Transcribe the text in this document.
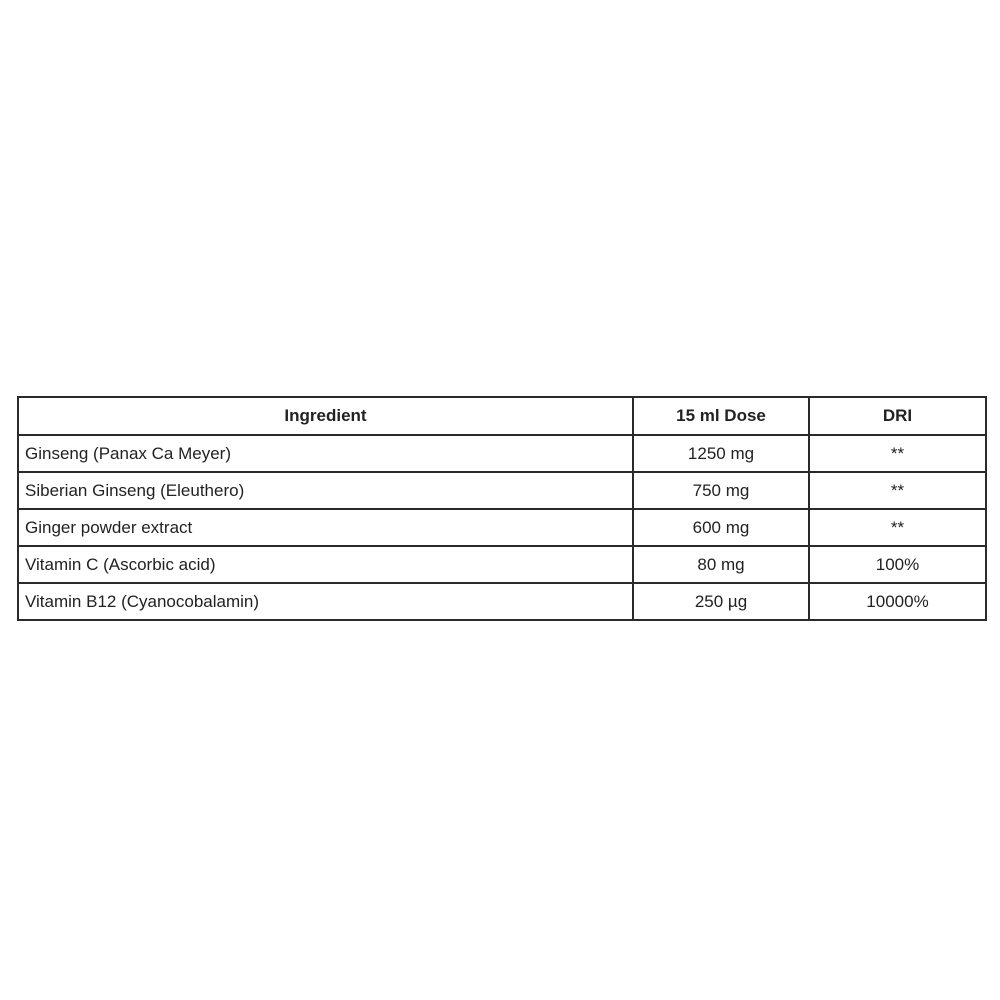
Ingredient	15 ml Dose	DRI
Ginseng (Panax Ca Meyer)	1250 mg	**
Siberian Ginseng (Eleuthero)	750 mg	**
Ginger powder extract	600 mg	**
Vitamin C (Ascorbic acid)	80 mg	100%
Vitamin B12 (Cyanocobalamin)	250 µg	10000%
